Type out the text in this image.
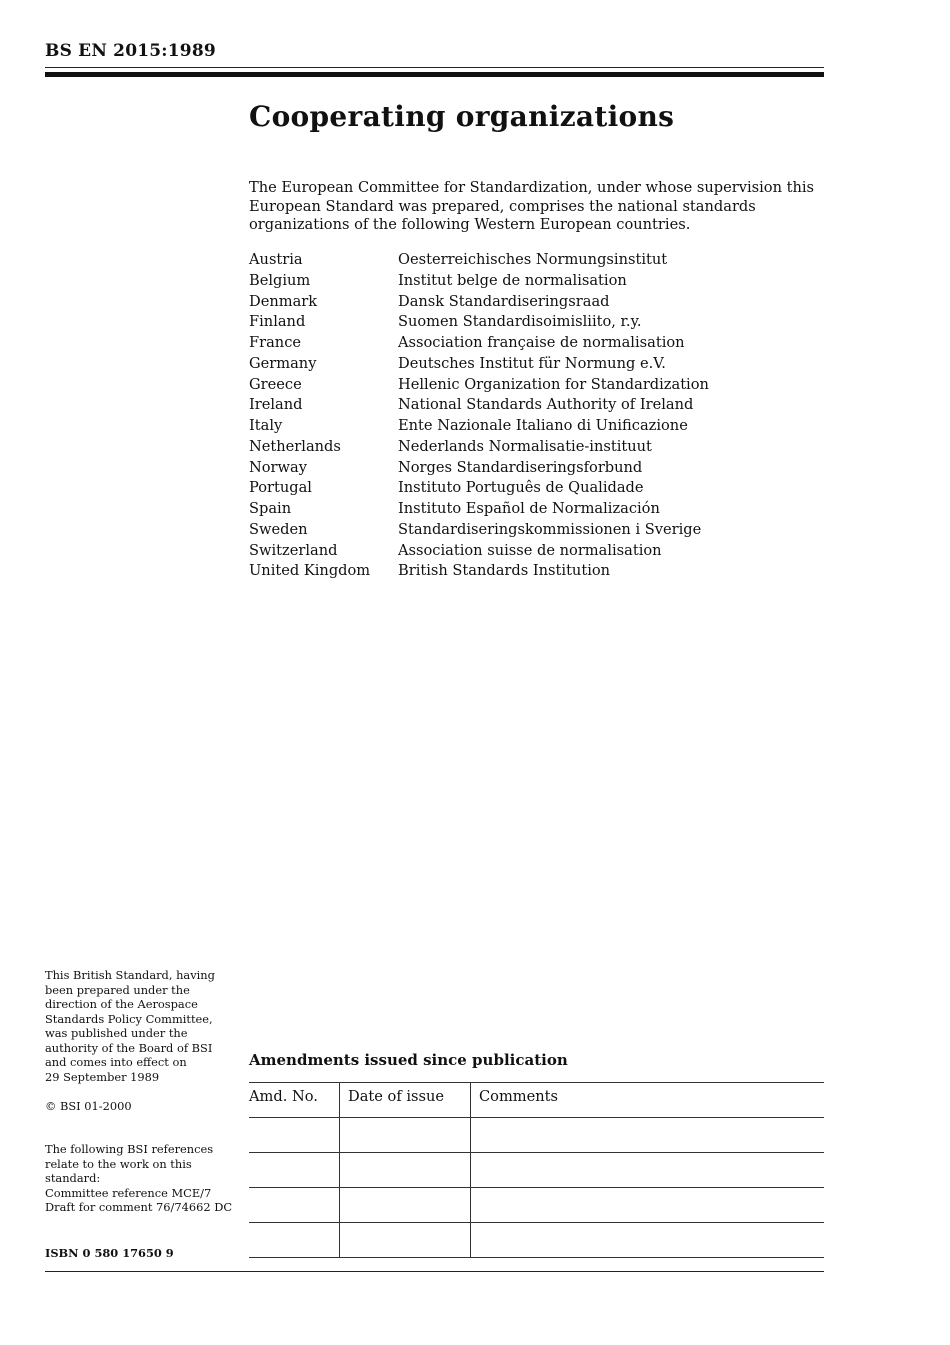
BS EN 2015:1989
Cooperating organizations
The European Committee for Standardization, under whose supervision this European Standard was prepared, comprises the national standards organizations of the following Western European countries.
Austria	Oesterreichisches Normungsinstitut
Belgium	Institut belge de normalisation
Denmark	Dansk Standardiseringsraad
Finland	Suomen Standardisoimisliito, r.y.
France	Association française de normalisation
Germany	Deutsches Institut für Normung e.V.
Greece	Hellenic Organization for Standardization
Ireland	National Standards Authority of Ireland
Italy	Ente Nazionale Italiano di Unificazione
Netherlands	Nederlands Normalisatie-instituut
Norway	Norges Standardiseringsforbund
Portugal	Instituto Português de Qualidade
Spain	Instituto Español de Normalización
Sweden	Standardiseringskommissionen i Sverige
Switzerland	Association suisse de normalisation
United Kingdom	British Standards Institution
This British Standard, having
been prepared under the
direction of the Aerospace
Standards Policy Committee,
was published under the
authority of the Board of BSI
and comes into effect on
29 September 1989
© BSI 01-2000
The following BSI references
relate to the work on this
standard:
Committee reference MCE/7
Draft for comment 76/74662 DC
ISBN 0 580 17650 9
Amendments issued since publication
Amd. No.	Date of issue	Comments
